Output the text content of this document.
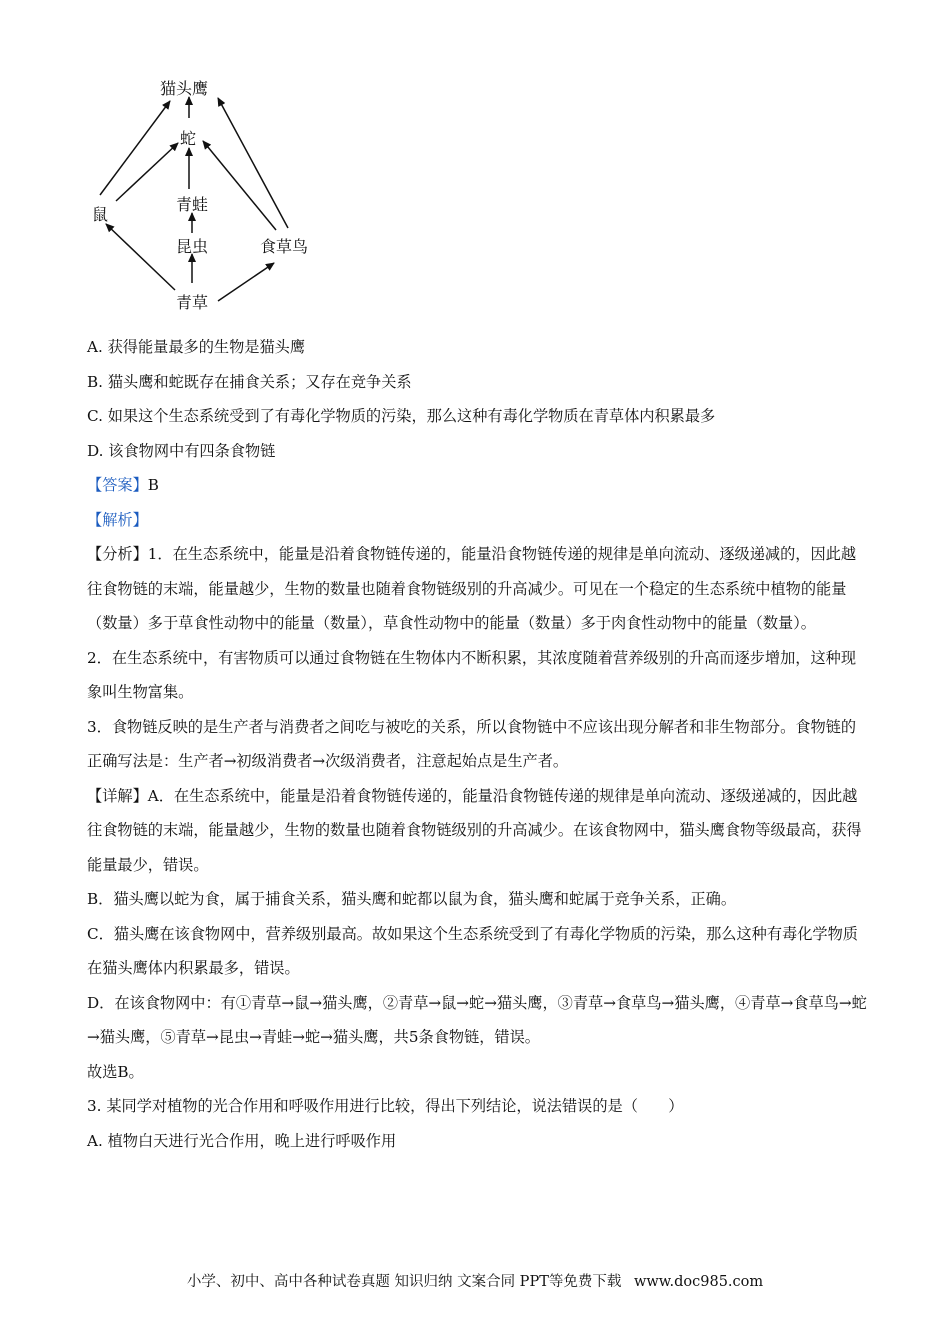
猫头鹰
蛇
青蛙
鼠
昆虫	食草鸟
青草

A. 获得能量最多的生物是猫头鹰

B. 猫头鹰和蛇既存在捕食关系；又存在竞争关系

C. 如果这个生态系统受到了有毒化学物质的污染，那么这种有毒化学物质在青草体内积累最多

D. 该食物网中有四条食物链

【答案】B

【解析】

【分析】1．在生态系统中，能量是沿着食物链传递的，能量沿食物链传递的规律是单向流动、逐级递减的，因此越往食物链的末端，能量越少，生物的数量也随着食物链级别的升高减少。可见在一个稳定的生态系统中植物的能量（数量）多于草食性动物中的能量（数量），草食性动物中的能量（数量）多于肉食性动物中的能量（数量）。

2．在生态系统中，有害物质可以通过食物链在生物体内不断积累，其浓度随着营养级别的升高而逐步增加，这种现象叫生物富集。

3．食物链反映的是生产者与消费者之间吃与被吃的关系，所以食物链中不应该出现分解者和非生物部分。食物链的正确写法是：生产者→初级消费者→次级消费者，注意起始点是生产者。

【详解】A．在生态系统中，能量是沿着食物链传递的，能量沿食物链传递的规律是单向流动、逐级递减的，因此越往食物链的末端，能量越少，生物的数量也随着食物链级别的升高减少。在该食物网中，猫头鹰食物等级最高，获得能量最少，错误。

B．猫头鹰以蛇为食，属于捕食关系，猫头鹰和蛇都以鼠为食，猫头鹰和蛇属于竞争关系，正确。

C．猫头鹰在该食物网中，营养级别最高。故如果这个生态系统受到了有毒化学物质的污染，那么这种有毒化学物质在猫头鹰体内积累最多，错误。

D．在该食物网中：有①青草→鼠→猫头鹰，②青草→鼠→蛇→猫头鹰，③青草→食草鸟→猫头鹰，④青草→食草鸟→蛇→猫头鹰，⑤青草→昆虫→青蛙→蛇→猫头鹰，共5条食物链，错误。

故选B。

3. 某同学对植物的光合作用和呼吸作用进行比较，得出下列结论，说法错误的是（　　）

A. 植物白天进行光合作用，晚上进行呼吸作用

小学、初中、高中各种试卷真题 知识归纳 文案合同 PPT等免费下载 www.doc985.com
